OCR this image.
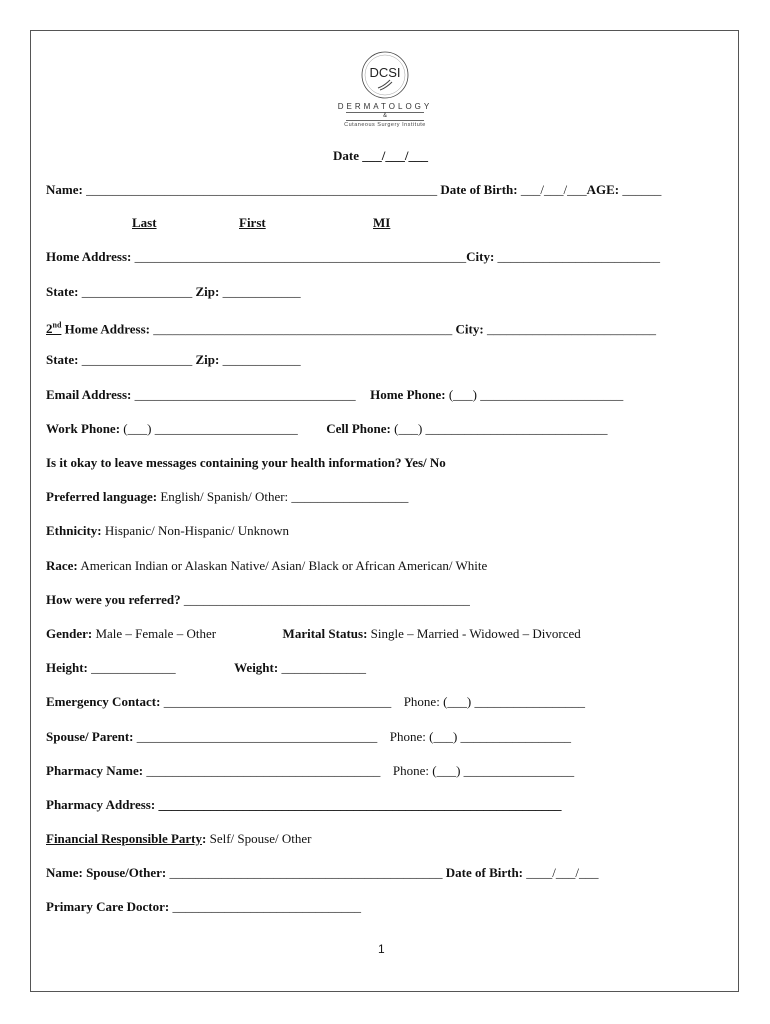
DCSI
DERMATOLOGY
&
Cutaneous Surgery Institute
Date ___/___/___
Name: ______________________________________________________ Date of Birth: ___/___/___AGE: ______
Last	First	MI
Home Address: ___________________________________________________City: _________________________
State: _________________ Zip: ____________
2nd Home Address: ______________________________________________ City: __________________________
State: _________________ Zip: ____________
Email Address: __________________________________ Home Phone: (___) ______________________
Work Phone: (___) ______________________ Cell Phone: (___) ____________________________
Is it okay to leave messages containing your health information? Yes/ No
Preferred language: English/ Spanish/ Other: __________________
Ethnicity: Hispanic/ Non-Hispanic/ Unknown
Race: American Indian or Alaskan Native/ Asian/ Black or African American/ White
How were you referred? ____________________________________________
Gender: Male – Female – Other	Marital Status: Single – Married - Widowed – Divorced
Height: _____________	Weight: _____________
Emergency Contact: ___________________________________ Phone: (___) _________________
Spouse/ Parent: _____________________________________ Phone: (___) _________________
Pharmacy Name: ____________________________________ Phone: (___) _________________
Pharmacy Address: ______________________________________________________________
Financial Responsible Party: Self/ Spouse/ Other
Name: Spouse/Other: __________________________________________ Date of Birth: ____/___/___
Primary Care Doctor: _____________________________
1
